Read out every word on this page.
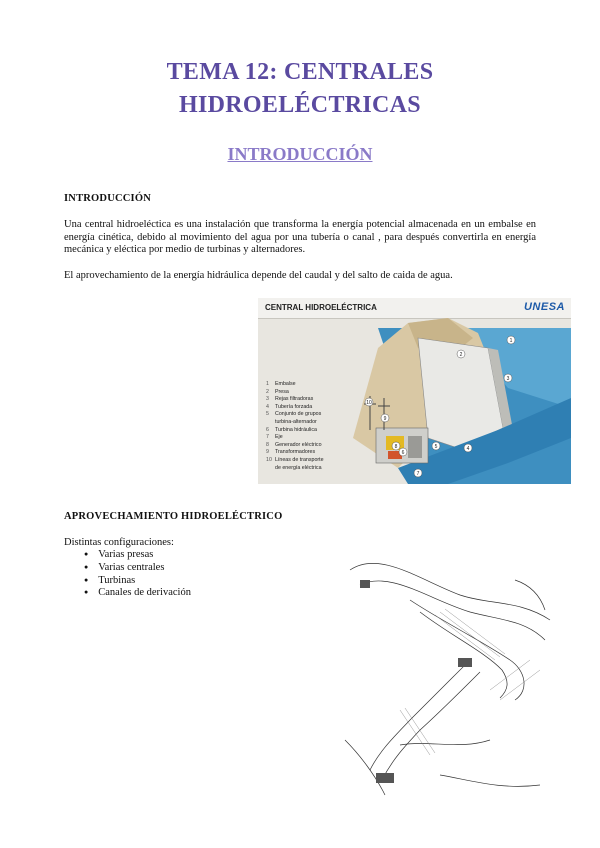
TEMA 12: CENTRALES
HIDROELÉCTRICAS
INTRODUCCIÓN
INTRODUCCIÓN
Una central hidroeléctica es una instalación que transforma la energía potencial almacenada en un embalse en energía cinética, debido al movimiento del agua por una tubería o canal , para después convertirla en energía mecánica y eléctica por medio de turbinas y alternadores.
El aprovechamiento de la energía hidráulica depende del caudal y del salto de caida de agua.
CENTRAL HIDROELÉCTRICA	UNESA
1
2
3
4
5
6
7
8
9
10
1	Embalse
2	Presa
3	Rejas filtradoras
4	Tubería forzada
5	Conjunto de grupos
turbina-alternador
6	Turbina hidráulica
7	Eje
8	Generador eléctrico
9	Transformadores
10 Líneas de transporte
de energía eléctrica
APROVECHAMIENTO HIDROELÉCTRICO
Distintas configuraciones:
● Varias presas
● Varias centrales
● Turbinas
● Canales de derivación
